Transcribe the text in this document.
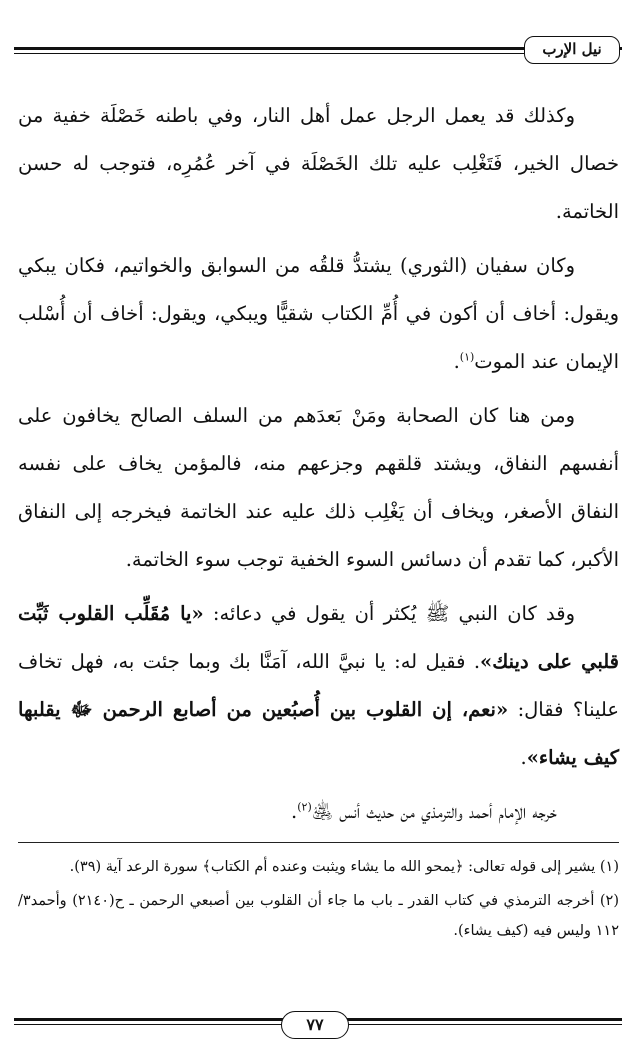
نيل الإرب

وكذلك قد يعمل الرجل عمل أهل النار، وفي باطنه خَصْلَة خفية من خصال الخير، فَتَغْلِب عليه تلك الخَصْلَة في آخر عُمُرِه، فتوجب له حسن الخاتمة.

وكان سفيان (الثوري) يشتدُّ قلقُه من السوابق والخواتيم، فكان يبكي ويقول: أخاف أن أكون في أُمِّ الكتاب شقيًّا ويبكي، ويقول: أخاف أن أُسْلب الإيمان عند الموت$^{(١)}$.

ومن هنا كان الصحابة ومَنْ بَعدَهم من السلف الصالح يخافون على أنفسهم النفاق، ويشتد قلقهم وجزعهم منه، فالمؤمن يخاف على نفسه النفاق الأصغر، ويخاف أن يَغْلِب ذلك عليه عند الخاتمة فيخرجه إلى النفاق الأكبر، كما تقدم أن دسائس السوء الخفية توجب سوء الخاتمة.

وقد كان النبي ﷺ يُكثر أن يقول في دعائه: «يا مُقَلِّب القلوب ثَبِّت قلبي على دينك». فقيل له: يا نبيَّ الله، آمَنَّا بك وبما جئت به، فهل تخاف علينا؟ فقال: «نعم، إن القلوب بين أُصبُعين من أصابع الرحمن ﷻ يقلبها كيف يشاء».

خرجه الإمام أحمد والترمذي من حديث أنس ﵁$^{(٢)}$.

(١) يشير إلى قوله تعالى: ﴿يمحو الله ما يشاء ويثبت وعنده أم الكتاب﴾ سورة الرعد آية (٣٩).

(٢) أخرجه الترمذي في كتاب القدر ـ باب ما جاء أن القلوب بين أصبعي الرحمن ـ ح(٢١٤٠) وأحمد٣/ ١١٢ وليس فيه (كيف يشاء).

٧٧
